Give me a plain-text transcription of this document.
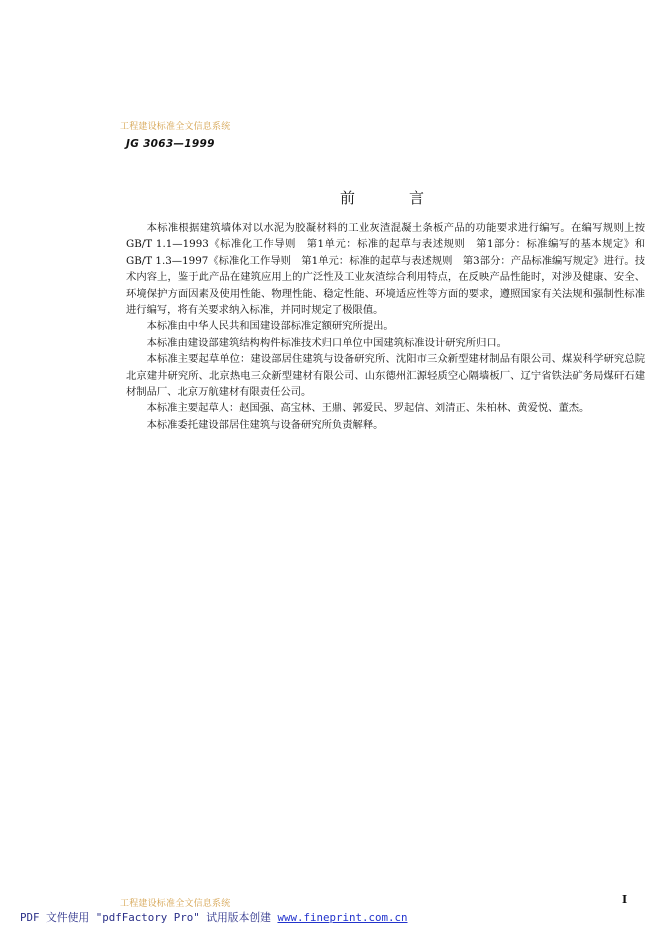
工程建设标准全文信息系统
JG 3063—1999
前言

本标准根据建筑墙体对以水泥为胶凝材料的工业灰渣混凝土条板产品的功能要求进行编写。在编写规则上按GB/T 1.1—1993《标准化工作导则　第1单元：标准的起草与表述规则　第1部分：标准编写的基本规定》和GB/T 1.3—1997《标准化工作导则　第1单元：标准的起草与表述规则　第3部分：产品标准编写规定》进行。技术内容上，鉴于此产品在建筑应用上的广泛性及工业灰渣综合利用特点，在反映产品性能时，对涉及健康、安全、环境保护方面因素及使用性能、物理性能、稳定性能、环境适应性等方面的要求，遵照国家有关法规和强制性标准进行编写，将有关要求纳入标准，并同时规定了极限值。

本标准由中华人民共和国建设部标准定额研究所提出。

本标准由建设部建筑结构构件标准技术归口单位中国建筑标准设计研究所归口。

本标准主要起草单位：建设部居住建筑与设备研究所、沈阳市三众新型建材制品有限公司、煤炭科学研究总院北京建井研究所、北京热电三众新型建材有限公司、山东德州汇源轻质空心隔墙板厂、辽宁省铁法矿务局煤矸石建材制品厂、北京万航建材有限责任公司。

本标准主要起草人：赵国强、高宝林、王鼎、郭爱民、罗起信、刘清正、朱柏林、黄爱悦、董杰。

本标准委托建设部居住建筑与设备研究所负责解释。

工程建设标准全文信息系统	Ⅰ
PDF 文件使用 "pdfFactory Pro" 试用版本创建 www.fineprint.com.cn
